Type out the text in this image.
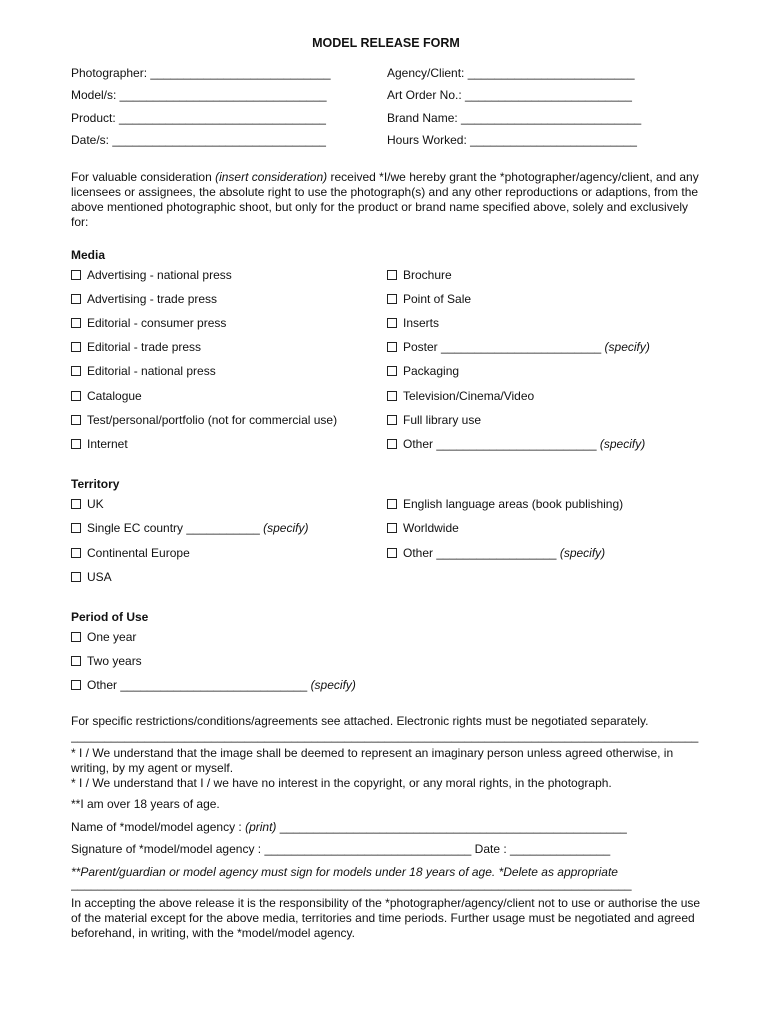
MODEL RELEASE FORM
Photographer: ___________________________
Model/s: _______________________________
Product: _______________________________
Date/s: ________________________________
Agency/Client: _________________________
Art Order No.: _________________________
Brand Name: ___________________________
Hours Worked: _________________________
For valuable consideration (insert consideration) received *I/we hereby grant the *photographer/agency/client, and any licensees or assignees, the absolute right to use the photograph(s) and any other reproductions or adaptions, from the above mentioned photographic shoot, but only for the product or brand name specified above, solely and exclusively for:
Media
Advertising - national press
Advertising - trade press
Editorial - consumer press
Editorial - trade press
Editorial - national press
Catalogue
Test/personal/portfolio (not for commercial use)
Internet
Brochure
Point of Sale
Inserts
Poster ________________________ (specify)
Packaging
Television/Cinema/Video
Full library use
Other ________________________ (specify)
Territory
UK
Single EC country ___________ (specify)
Continental Europe
USA
English language areas (book publishing)
Worldwide
Other __________________ (specify)
Period of Use
One year
Two years
Other ____________________________ (specify)
For specific restrictions/conditions/agreements see attached. Electronic rights must be negotiated separately.
______________________________________________________________________________________________
* I / We understand that the image shall be deemed to represent an imaginary person unless agreed otherwise, in writing, by my agent or myself.
* I / We understand that I / we have no interest in the copyright, or any moral rights, in the photograph.
**I am over 18 years of age.
Name of *model/model agency : (print) ____________________________________________________
Signature of *model/model agency : _______________________________ Date : _______________
**Parent/guardian or model agency must sign for models under 18 years of age. *Delete as appropriate
____________________________________________________________________________________
In accepting the above release it is the responsibility of the *photographer/agency/client not to use or authorise the use of the material except for the above media, territories and time periods. Further usage must be negotiated and agreed beforehand, in writing, with the *model/model agency.
